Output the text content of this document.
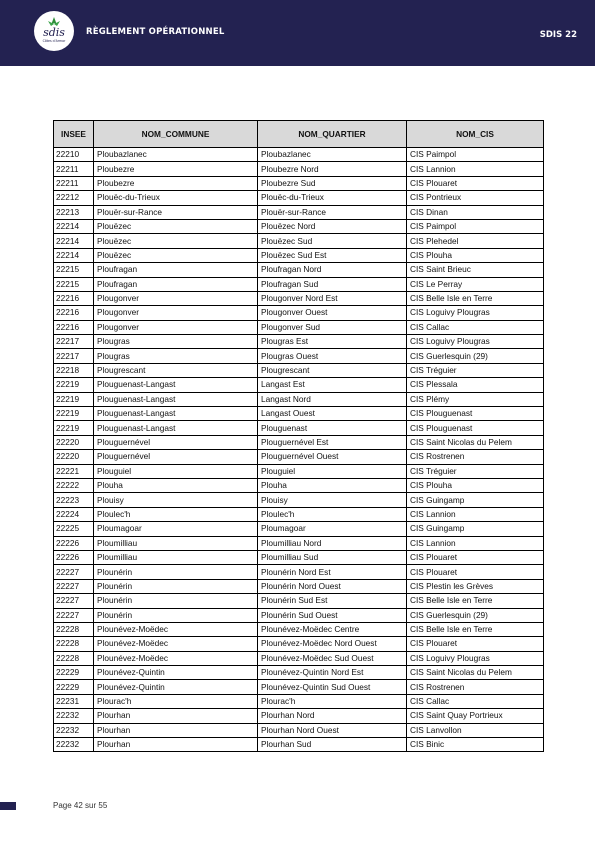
sdis
Côtes d'Armor
RÈGLEMENT OPÉRATIONNEL	SDIS 22
INSEE	NOM_COMMUNE	NOM_QUARTIER	NOM_CIS
22210	Ploubazlanec	Ploubazlanec	CIS Paimpol
22211	Ploubezre	Ploubezre Nord	CIS Lannion
22211	Ploubezre	Ploubezre Sud	CIS Plouaret
22212	Plouëc-du-Trieux	Plouëc-du-Trieux	CIS Pontrieux
22213	Plouër-sur-Rance	Plouër-sur-Rance	CIS Dinan
22214	Plouëzec	Plouëzec Nord	CIS Paimpol
22214	Plouëzec	Plouëzec Sud	CIS Plehedel
22214	Plouëzec	Plouëzec Sud Est	CIS Plouha
22215	Ploufragan	Ploufragan Nord	CIS Saint Brieuc
22215	Ploufragan	Ploufragan Sud	CIS Le Perray
22216	Plougonver	Plougonver Nord Est	CIS Belle Isle en Terre
22216	Plougonver	Plougonver Ouest	CIS Loguivy Plougras
22216	Plougonver	Plougonver Sud	CIS Callac
22217	Plougras	Plougras Est	CIS Loguivy Plougras
22217	Plougras	Plougras Ouest	CIS Guerlesquin (29)
22218	Plougrescant	Plougrescant	CIS Tréguier
22219	Plouguenast-Langast	Langast Est	CIS Plessala
22219	Plouguenast-Langast	Langast Nord	CIS Plémy
22219	Plouguenast-Langast	Langast Ouest	CIS Plouguenast
22219	Plouguenast-Langast	Plouguenast	CIS Plouguenast
22220	Plouguernével	Plouguernével Est	CIS Saint Nicolas du Pelem
22220	Plouguernével	Plouguernével Ouest	CIS Rostrenen
22221	Plouguiel	Plouguiel	CIS Tréguier
22222	Plouha	Plouha	CIS Plouha
22223	Plouisy	Plouisy	CIS Guingamp
22224	Ploulec'h	Ploulec'h	CIS Lannion
22225	Ploumagoar	Ploumagoar	CIS Guingamp
22226	Ploumilliau	Ploumilliau Nord	CIS Lannion
22226	Ploumilliau	Ploumilliau Sud	CIS Plouaret
22227	Plounérin	Plounérin Nord Est	CIS Plouaret
22227	Plounérin	Plounérin Nord Ouest	CIS Plestin les Grèves
22227	Plounérin	Plounérin Sud Est	CIS Belle Isle en Terre
22227	Plounérin	Plounérin Sud Ouest	CIS Guerlesquin (29)
22228	Plounévez-Moëdec	Plounévez-Moëdec Centre	CIS Belle Isle en Terre
22228	Plounévez-Moëdec	Plounévez-Moëdec Nord Ouest	CIS Plouaret
22228	Plounévez-Moëdec	Plounévez-Moëdec Sud Ouest	CIS Loguivy Plougras
22229	Plounévez-Quintin	Plounévez-Quintin Nord Est	CIS Saint Nicolas du Pelem
22229	Plounévez-Quintin	Plounévez-Quintin Sud Ouest	CIS Rostrenen
22231	Plourac'h	Plourac'h	CIS Callac
22232	Plourhan	Plourhan Nord	CIS Saint Quay Portrieux
22232	Plourhan	Plourhan Nord Ouest	CIS Lanvollon
22232	Plourhan	Plourhan Sud	CIS Binic
Page 42 sur 55
